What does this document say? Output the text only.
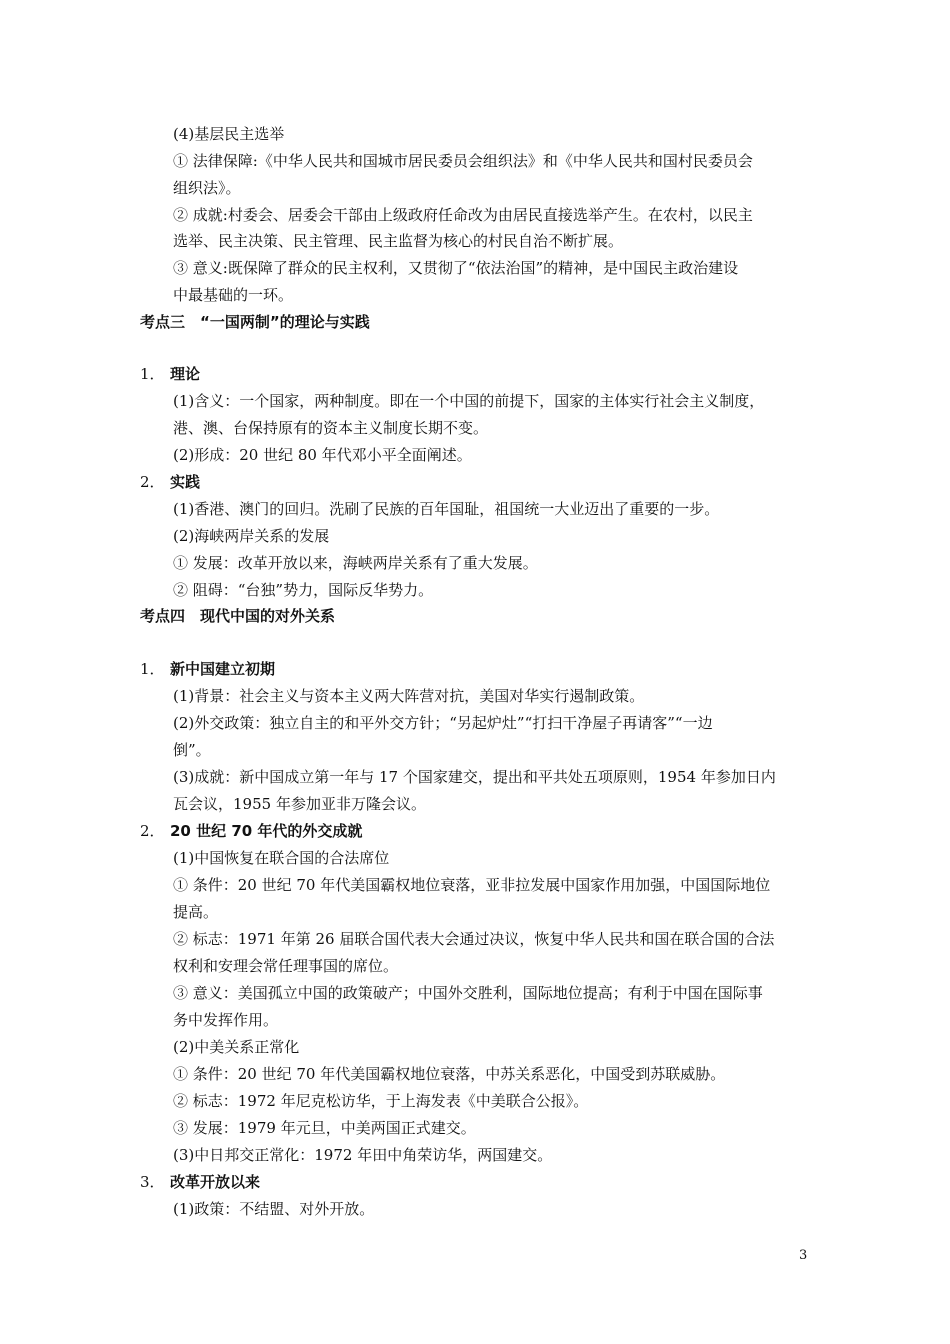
(4)基层民主选举
① 法律保障:《中华人民共和国城市居民委员会组织法》和《中华人民共和国村民委员会
组织法》。
② 成就:村委会、居委会干部由上级政府任命改为由居民直接选举产生。在农村，以民主
选举、民主决策、民主管理、民主监督为核心的村民自治不断扩展。
③ 意义:既保障了群众的民主权利，又贯彻了“依法治国”的精神，是中国民主政治建设
中最基础的一环。
考点三　“一国两制”的理论与实践
1． 理论
(1)含义：一个国家，两种制度。即在一个中国的前提下，国家的主体实行社会主义制度，
港、澳、台保持原有的资本主义制度长期不变。
(2)形成：20 世纪 80 年代邓小平全面阐述。
2． 实践
(1)香港、澳门的回归。洗刷了民族的百年国耻，祖国统一大业迈出了重要的一步。
(2)海峡两岸关系的发展
① 发展：改革开放以来，海峡两岸关系有了重大发展。
② 阻碍：“台独”势力，国际反华势力。
考点四　现代中国的对外关系
1． 新中国建立初期
(1)背景：社会主义与资本主义两大阵营对抗，美国对华实行遏制政策。
(2)外交政策：独立自主的和平外交方针；“另起炉灶”“打扫干净屋子再请客”“一边
倒”。
(3)成就：新中国成立第一年与 17 个国家建交，提出和平共处五项原则，1954 年参加日内
瓦会议，1955 年参加亚非万隆会议。
2． 20 世纪 70 年代的外交成就
(1)中国恢复在联合国的合法席位
① 条件：20 世纪 70 年代美国霸权地位衰落，亚非拉发展中国家作用加强，中国国际地位
提高。
② 标志：1971 年第 26 届联合国代表大会通过决议，恢复中华人民共和国在联合国的合法
权利和安理会常任理事国的席位。
③ 意义：美国孤立中国的政策破产；中国外交胜利，国际地位提高；有利于中国在国际事
务中发挥作用。
(2)中美关系正常化
① 条件：20 世纪 70 年代美国霸权地位衰落，中苏关系恶化，中国受到苏联威胁。
② 标志：1972 年尼克松访华，于上海发表《中美联合公报》。
③ 发展：1979 年元旦，中美两国正式建交。
(3)中日邦交正常化：1972 年田中角荣访华，两国建交。
3． 改革开放以来
(1)政策：不结盟、对外开放。
3
